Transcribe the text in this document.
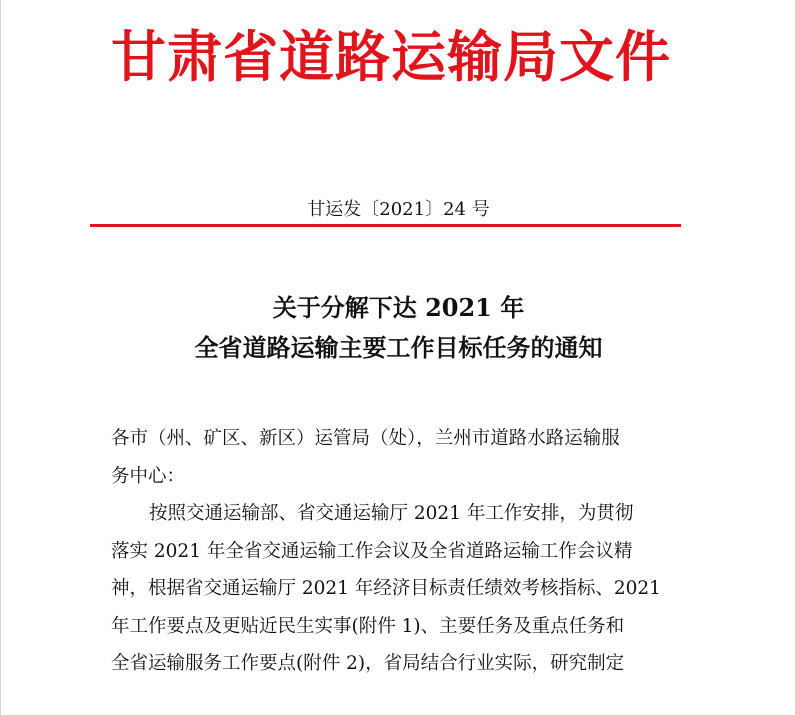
甘肃省道路运输局文件
甘运发〔2021〕24 号
关于分解下达 2021 年
全省道路运输主要工作目标任务的通知
各市（州、矿区、新区）运管局（处），兰州市道路水路运输服
务中心：
按照交通运输部、省交通运输厅 2021 年工作安排，为贯彻
落实 2021 年全省交通运输工作会议及全省道路运输工作会议精
神，根据省交通运输厅 2021 年经济目标责任绩效考核指标、2021
年工作要点及更贴近民生实事(附件 1)、主要任务及重点任务和
全省运输服务工作要点(附件 2)，省局结合行业实际，研究制定
